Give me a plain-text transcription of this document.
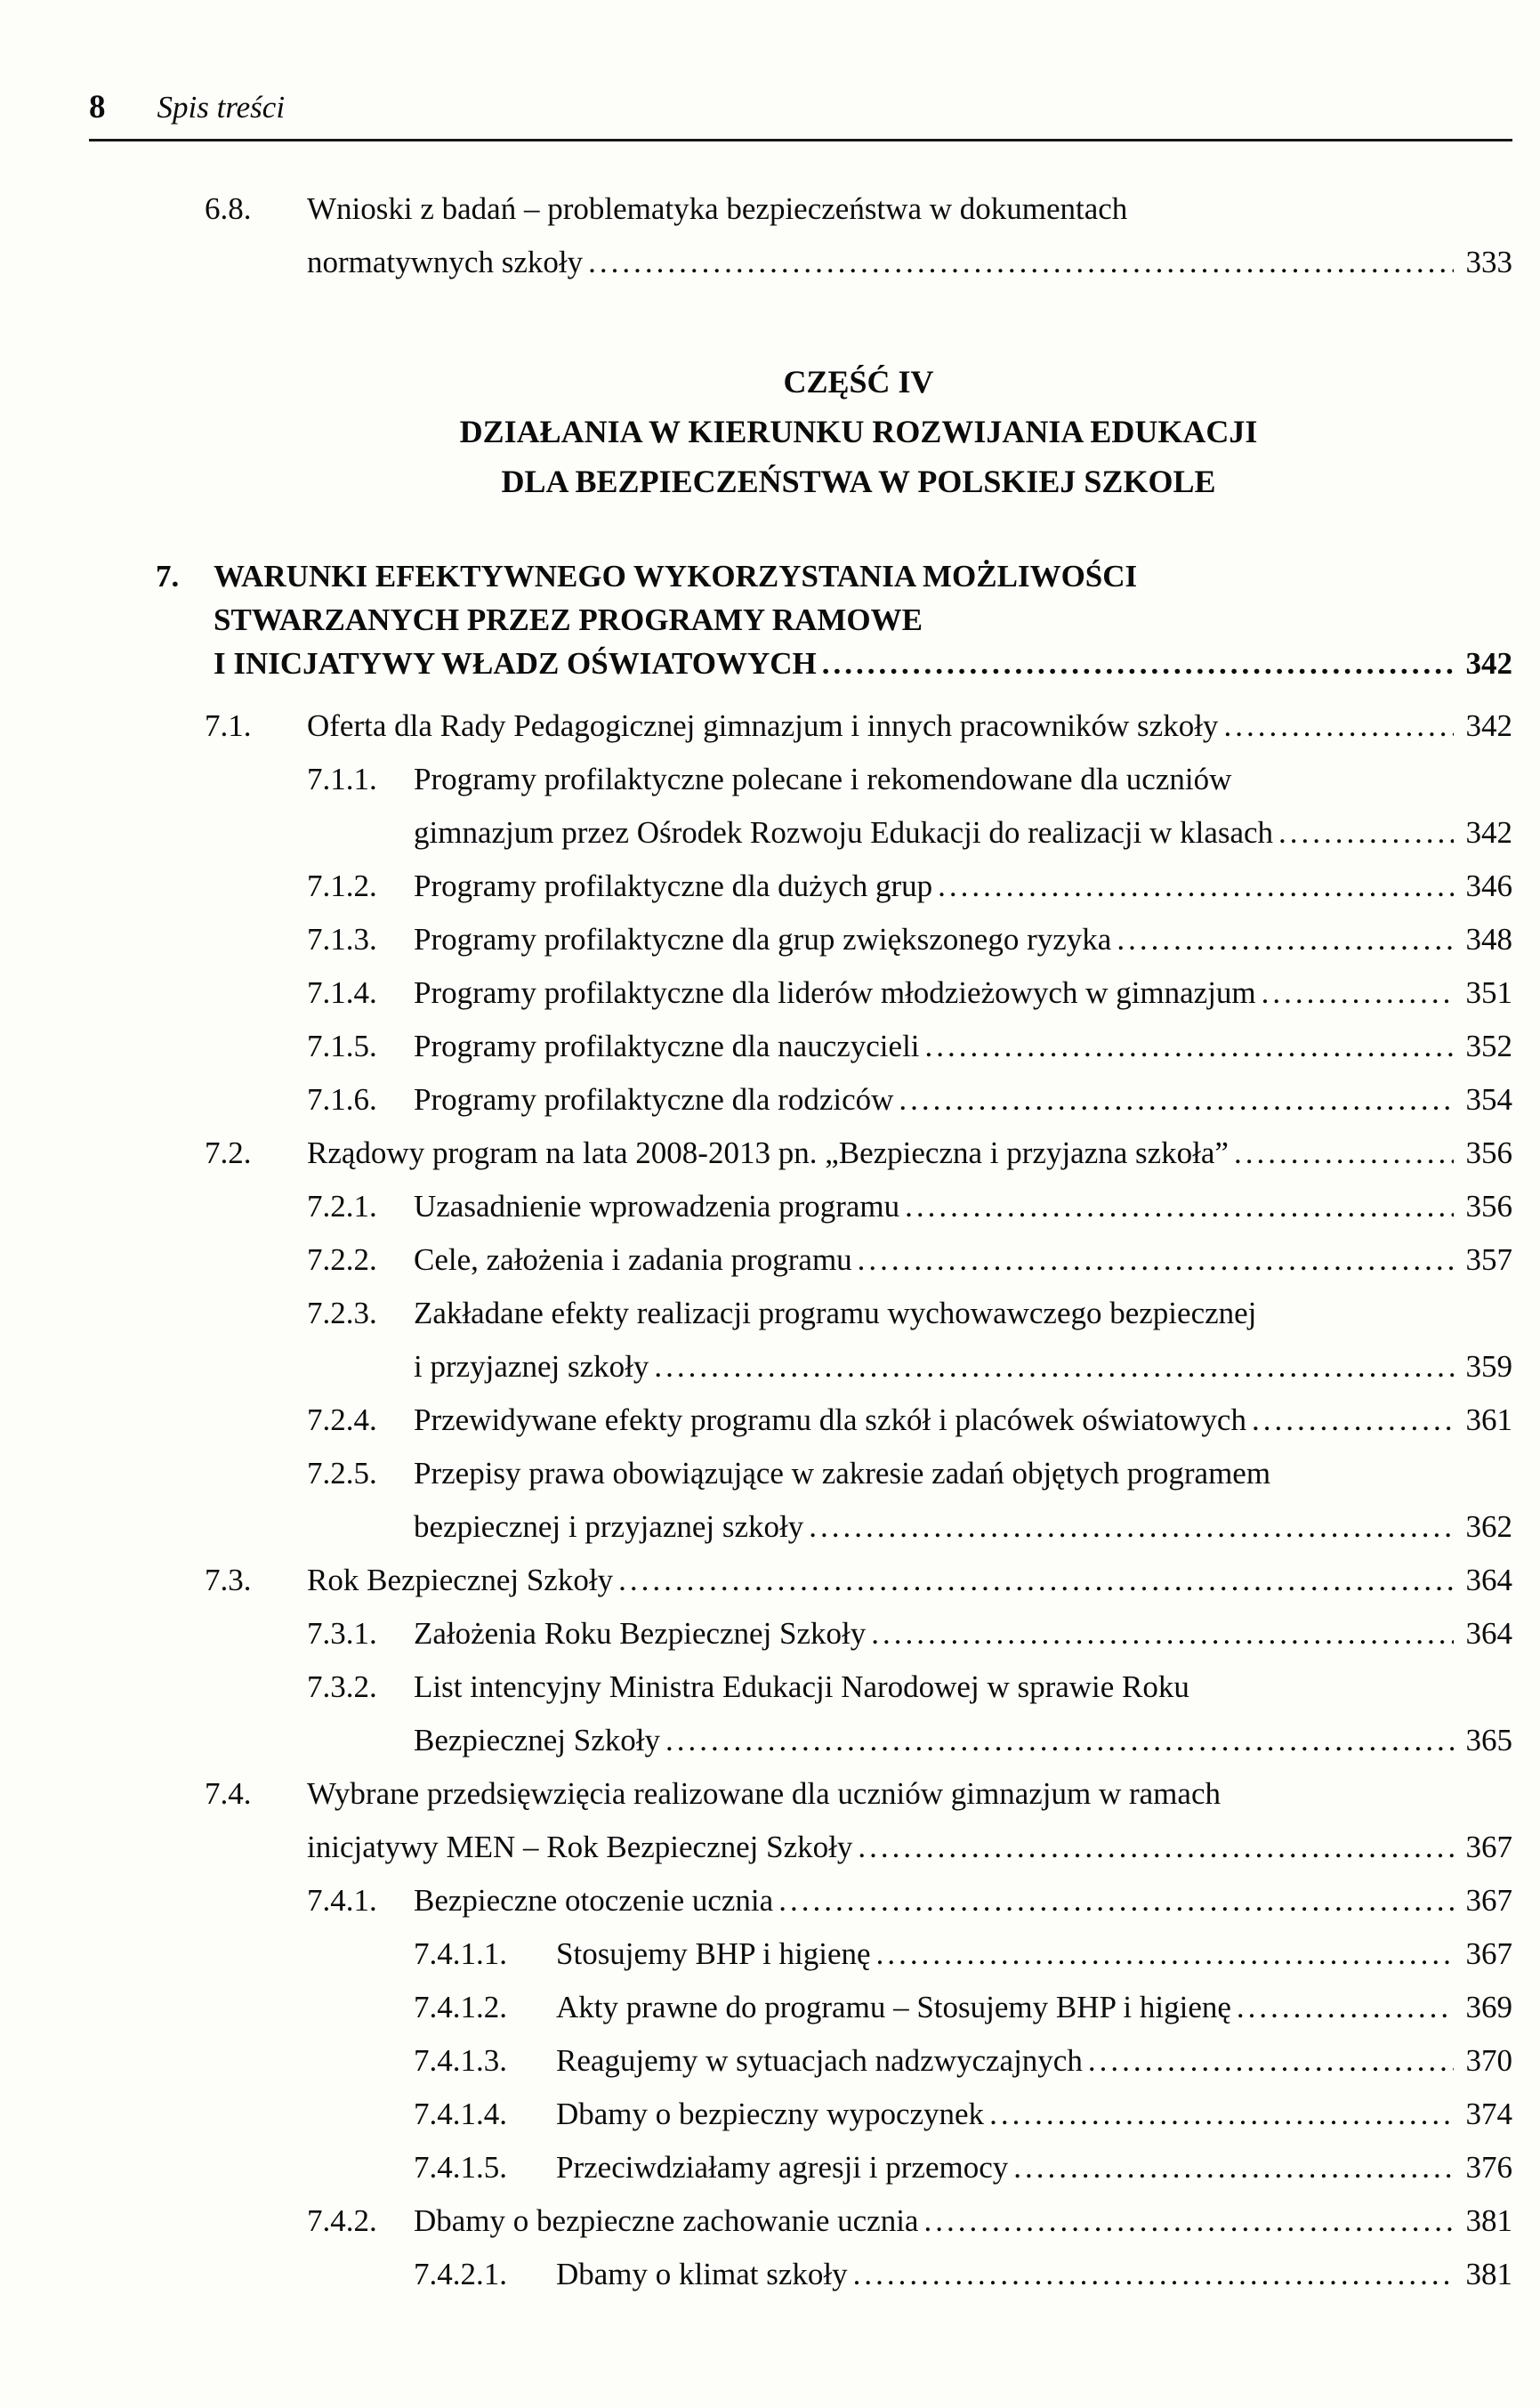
8 Spis treści
6.8.	Wnioski z badań – problematyka bezpieczeństwa w dokumentach
normatywnych szkoły .....	333
CZĘŚĆ IV
DZIAŁANIA W KIERUNKU ROZWIJANIA EDUKACJI
DLA BEZPIECZEŃSTWA W POLSKIEJ SZKOLE
7.	WARUNKI EFEKTYWNEGO WYKORZYSTANIA MOŻLIWOŚCI
STWARZANYCH PRZEZ PROGRAMY RAMOWE
I INICJATYWY WŁADZ OŚWIATOWYCH .....	342
7.1.	Oferta dla Rady Pedagogicznej gimnazjum i innych pracowników szkoły .....	342
7.1.1.	Programy profilaktyczne polecane i rekomendowane dla uczniów
gimnazjum przez Ośrodek Rozwoju Edukacji do realizacji w klasach .....	342
7.1.2.	Programy profilaktyczne dla dużych grup .....	346
7.1.3.	Programy profilaktyczne dla grup zwiększonego ryzyka .....	348
7.1.4.	Programy profilaktyczne dla liderów młodzieżowych w gimnazjum .....	351
7.1.5.	Programy profilaktyczne dla nauczycieli .....	352
7.1.6.	Programy profilaktyczne dla rodziców .....	354
7.2.	Rządowy program na lata 2008-2013 pn. „Bezpieczna i przyjazna szkoła” .....	356
7.2.1.	Uzasadnienie wprowadzenia programu .....	356
7.2.2.	Cele, założenia i zadania programu .....	357
7.2.3.	Zakładane efekty realizacji programu wychowawczego bezpiecznej
i przyjaznej szkoły .....	359
7.2.4.	Przewidywane efekty programu dla szkół i placówek oświatowych .....	361
7.2.5.	Przepisy prawa obowiązujące w zakresie zadań objętych programem
bezpiecznej i przyjaznej szkoły .....	362
7.3.	Rok Bezpiecznej Szkoły .....	364
7.3.1.	Założenia Roku Bezpiecznej Szkoły .....	364
7.3.2.	List intencyjny Ministra Edukacji Narodowej w sprawie Roku
Bezpiecznej Szkoły .....	365
7.4.	Wybrane przedsięwzięcia realizowane dla uczniów gimnazjum w ramach
inicjatywy MEN – Rok Bezpiecznej Szkoły .....	367
7.4.1.	Bezpieczne otoczenie ucznia .....	367
7.4.1.1.	Stosujemy BHP i higienę .....	367
7.4.1.2.	Akty prawne do programu – Stosujemy BHP i higienę .....	369
7.4.1.3.	Reagujemy w sytuacjach nadzwyczajnych .....	370
7.4.1.4.	Dbamy o bezpieczny wypoczynek .....	374
7.4.1.5.	Przeciwdziałamy agresji i przemocy .....	376
7.4.2.	Dbamy o bezpieczne zachowanie ucznia .....	381
7.4.2.1.	Dbamy o klimat szkoły .....	381
